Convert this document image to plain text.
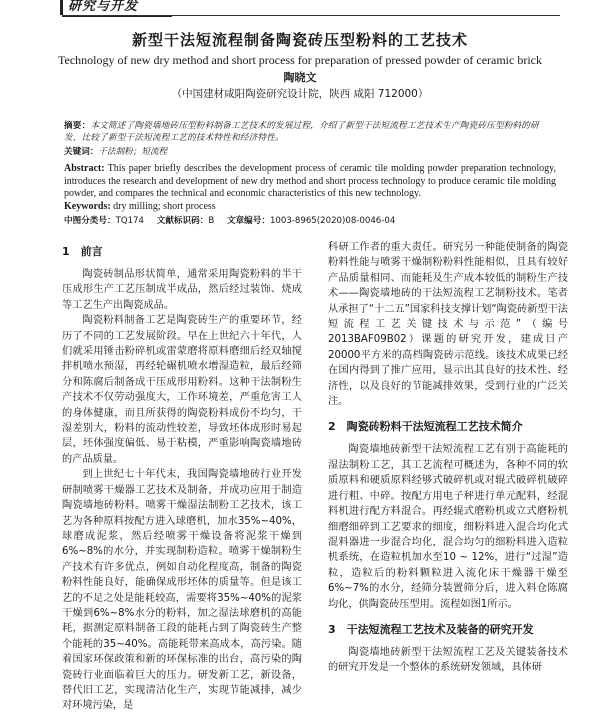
研究与开发
新型干法短流程制备陶瓷砖压型粉料的工艺技术
Technology of new dry method and short process for preparation of pressed powder of ceramic brick
陶晓文
（中国建材咸阳陶瓷研究设计院，陕西 咸阳 712000）

摘要：本文简述了陶瓷墙地砖压型粉料制备工艺技术的发展过程，介绍了新型干法短流程工艺技术生产陶瓷砖压型粉料的研发，比较了新型干法短流程工艺的技术特性和经济特性。

关键词：干法制粉；短流程

Abstract: This paper briefly describes the development process of ceramic tile molding powder preparation technology, introduces the research and development of new dry method and short process technology to produce ceramic tile molding powder, and compares the technical and economic characteristics of this new technology.

Keywords: dry milling; short process

中图分类号：TQ174 文献标识码：B 文章编号：1003-8965(2020)08-0046-04

1　前言

陶瓷砖制品形状简单，通常采用陶瓷粉料的半干压成形生产工艺压制成半成品，然后经过装饰、烧成等工艺生产出陶瓷成品。

陶瓷粉料制备工艺是陶瓷砖生产的重要环节，经历了不同的工艺发展阶段。早在上世纪六十年代，人们就采用锤击粉碎机或雷蒙磨将原料磨细后经双轴搅拌机喷水预湿，再经轮碾机喷水增湿造粒，最后经筛分和陈腐后制备成干压成形用粉料。这种干法制粉生产技术不仅劳动强度大，工作环境差，严重危害工人的身体健康，而且所获得的陶瓷粉料成份不均匀，干湿差别大，粉料的流动性较差，导致坯体成形时易起层，坯体强度偏低、易于粘模，严重影响陶瓷墙地砖的产品质量。

到上世纪七十年代末，我国陶瓷墙地砖行业开发研制喷雾干燥器工艺技术及制备，并成功应用于制造陶瓷墙地砖粉料。喷雾干燥湿法制粉工艺技术，该工艺为各种原料按配方进入球磨机，加水35%~40%，球磨成泥浆，然后经喷雾干燥设备将泥浆干燥到6%~8%的水分，并实现制粉造粒。喷雾干燥制粉生产技术有许多优点，例如自动化程度高，制备的陶瓷粉料性能良好，能确保成形坯体的质量等。但是该工艺的不足之处是能耗较高，需要将35%~40%的泥浆干燥到6%~8%水分的粉料，加之湿法球磨机的高能耗，据测定原料制备工段的能耗占到了陶瓷砖生产整个能耗的35~40%。高能耗带来高成本，高污染。随着国家环保政策和新的环保标准的出台，高污染的陶瓷砖行业面临着巨大的压力。研发新工艺，新设备，替代旧工艺，实现清洁化生产，实现节能减排，减少对环境污染，是

科研工作者的重大责任。研究另一种能使制备的陶瓷粉料性能与喷雾干燥制粉粉料性能相似，且具有较好产品质量相同、而能耗及生产成本较低的制粉生产技术——陶瓷墙地砖的干法短流程工艺制粉技术。笔者从承担了“十二五”国家科技支撑计划“陶瓷砖新型干法短流程工艺关键技术与示范”（编号2013BAF09B02）课题的研究开发，建成日产20000平方米的高档陶瓷砖示范线。该技术成果已经在国内得到了推广应用，显示出其良好的技术性、经济性，以及良好的节能减排效果，受到行业的广泛关注。

2　陶瓷砖粉料干法短流程工艺技术简介

陶瓷墙地砖新型干法短流程工艺有别于高能耗的湿法制粉工艺，其工艺流程可概述为，各种不同的软质原料和硬质原料经够式破碎机或对辊式破碎机破碎进行粗、中碎。按配方用电子秤进行单元配料，经混料机进行配方料混合。再经辊式磨粉机或立式磨粉机细磨细碎到工艺要求的细度，细粉料进入混合均化式混料器进一步混合均化，混合均匀的细粉料进入造粒机系统，在造粒机加水至10 ~ 12%，进行“过湿”造粒，造粒后的粉料颗粒进入流化床干燥器干燥至6%~7%的水分，经筛分装置筛分后，进入料仓陈腐均化，供陶瓷砖压型用。流程如图1所示。

3　干法短流程工艺技术及装备的研究开发

陶瓷墙地砖新型干法短流程工艺及关键装备技术的研究开发是一个整体的系统研发领域，具体研
